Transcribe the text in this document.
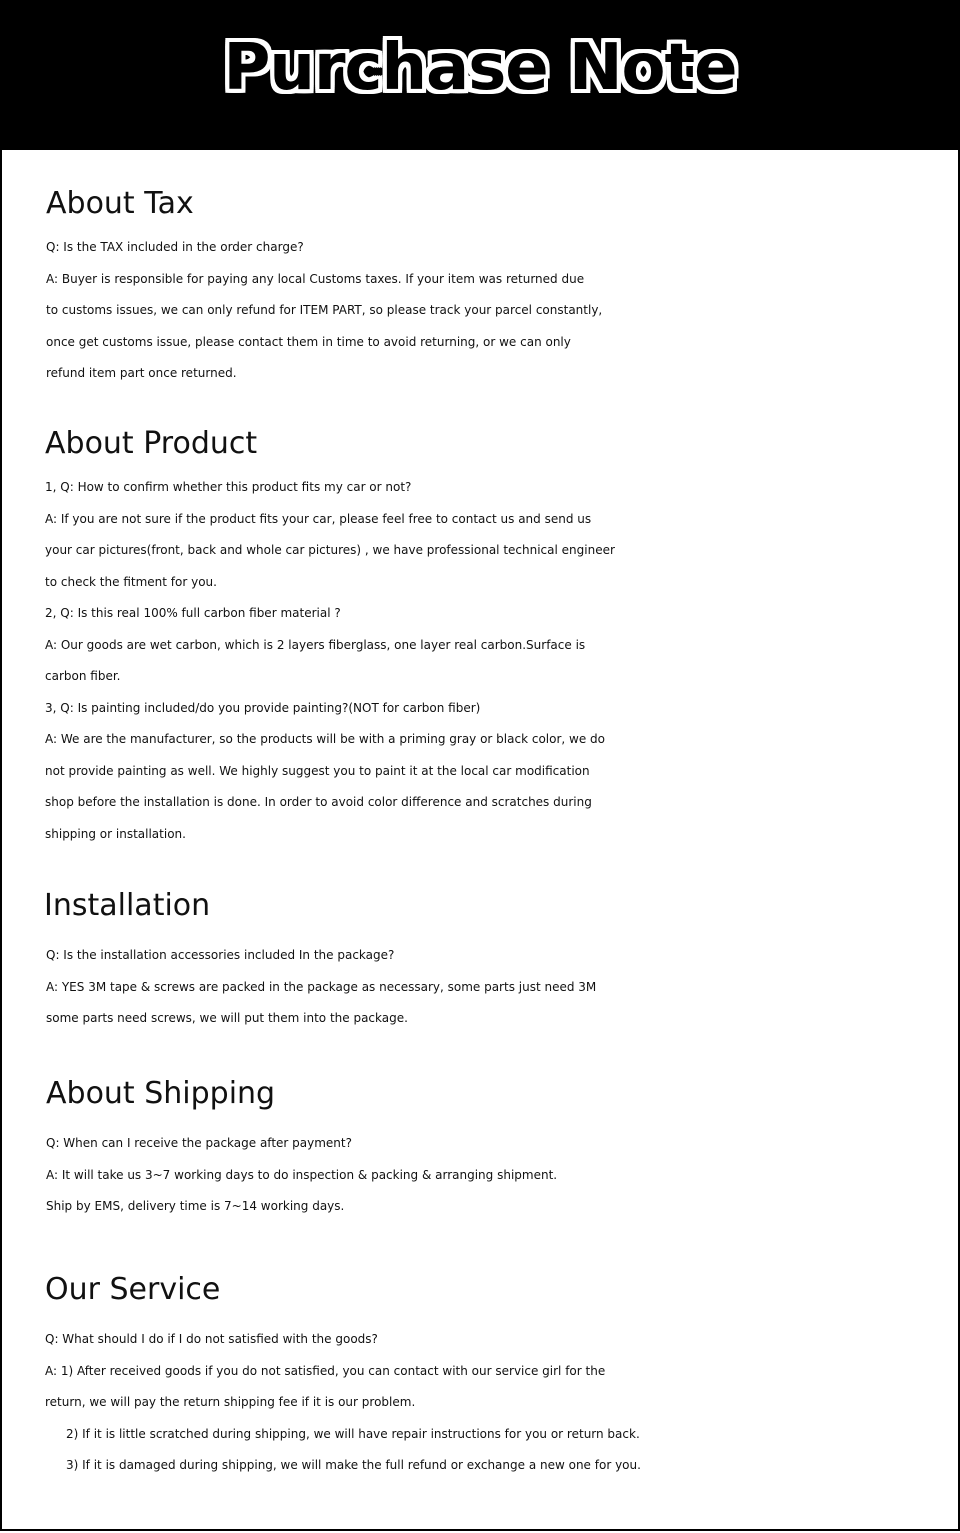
Purchase Note
About Tax
Q: Is the TAX included in the order charge?
A: Buyer is responsible for paying any local Customs taxes. If your item was returned due
to customs issues, we can only refund for ITEM PART, so please track your parcel constantly,
once get customs issue, please contact them in time to avoid returning, or we can only
refund item part once returned.
About Product
1, Q: How to confirm whether this product fits my car or not?
A: If you are not sure if the product fits your car, please feel free to contact us and send us
your car pictures(front, back and whole car pictures) , we have professional technical engineer
to check the fitment for you.
2, Q: Is this real 100% full carbon fiber material ?
A: Our goods are wet carbon, which is 2 layers fiberglass, one layer real carbon.Surface is
carbon fiber.
3, Q: Is painting included/do you provide painting?(NOT for carbon fiber)
A: We are the manufacturer, so the products will be with a priming gray or black color, we do
not provide painting as well. We highly suggest you to paint it at the local car modification
shop before the installation is done. In order to avoid color difference and scratches during
shipping or installation.
Installation
Q: Is the installation accessories included In the package?
A: YES 3M tape & screws are packed in the package as necessary, some parts just need 3M
some parts need screws, we will put them into the package.
About Shipping
Q: When can I receive the package after payment?
A: It will take us 3~7 working days to do inspection & packing & arranging shipment.
Ship by EMS, delivery time is 7~14 working days.
Our Service
Q: What should I do if I do not satisfied with the goods?
A: 1) After received goods if you do not satisfied, you can contact with our service girl for the
return, we will pay the return shipping fee if it is our problem.
2) If it is little scratched during shipping, we will have repair instructions for you or return back.
3) If it is damaged during shipping, we will make the full refund or exchange a new one for you.
